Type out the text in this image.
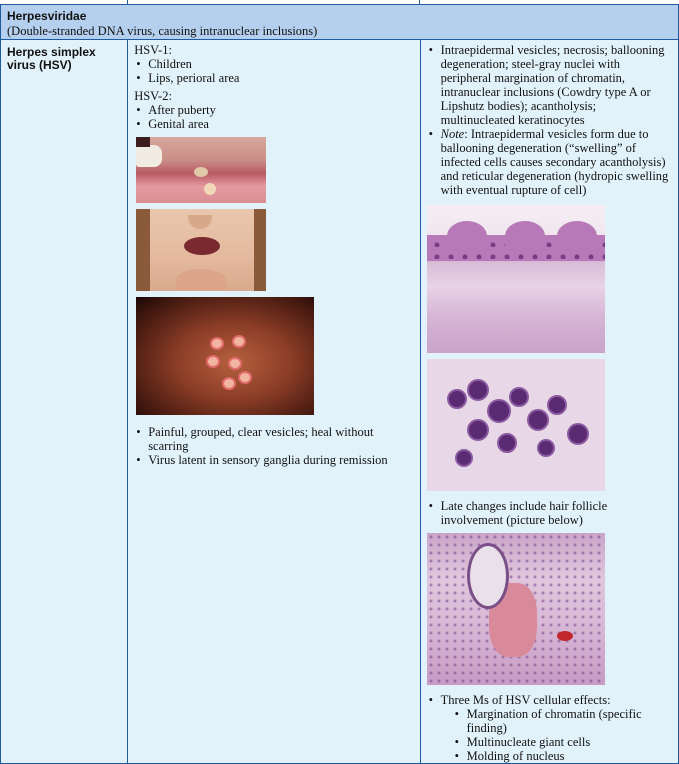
Herpesviridae
(Double-stranded DNA virus, causing intranuclear inclusions)

Herpes simplex virus (HSV)

HSV-1:
• Children
• Lips, perioral area
HSV-2:
• After puberty
• Genital area
• Painful, grouped, clear vesicles; heal without scarring
• Virus latent in sensory ganglia during remission

• Intraepidermal vesicles; necrosis; ballooning degeneration; steel-gray nuclei with peripheral margination of chromatin, intranuclear inclusions (Cowdry type A or Lipshutz bodies); acantholysis; multinucleated keratinocytes
• Note: Intraepidermal vesicles form due to ballooning degeneration (“swelling” of infected cells causes secondary acantholysis) and reticular degeneration (hydropic swelling with eventual rupture of cell)
• Late changes include hair follicle involvement (picture below)
• Three Ms of HSV cellular effects:
• Margination of chromatin (specific finding)
• Multinucleate giant cells
• Molding of nucleus
